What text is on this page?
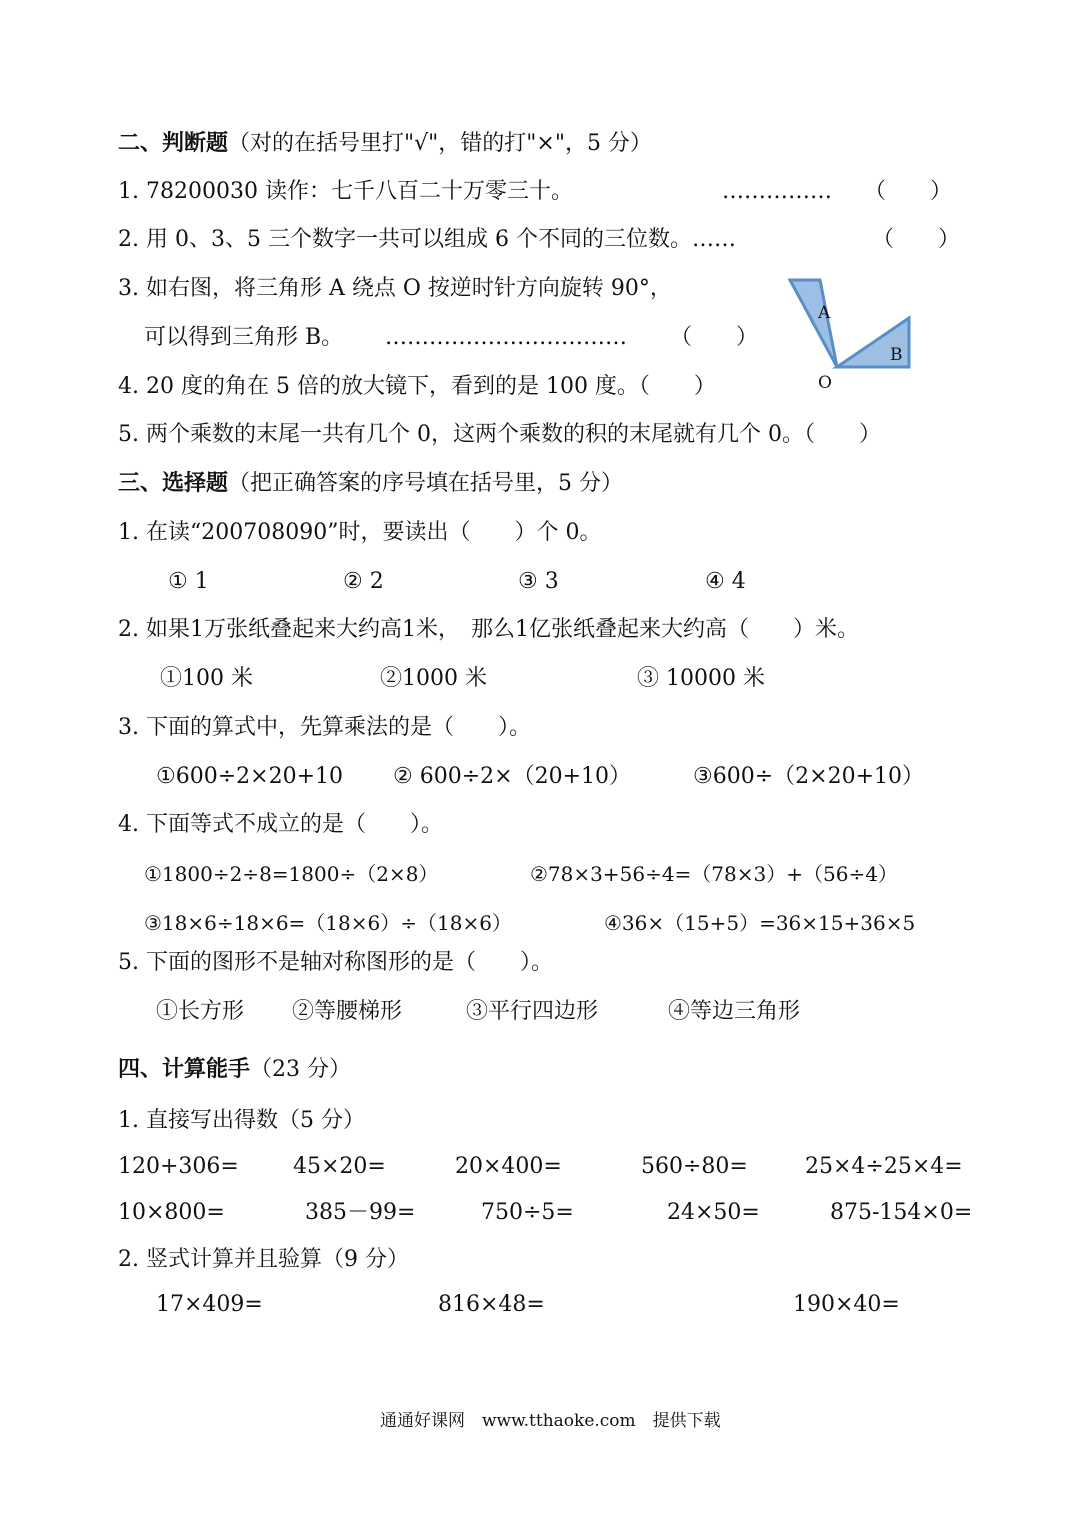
二、判断题（对的在括号里打"√"，错的打"×"，5 分）
1. 78200030 读作：七千八百二十万零三十。	…………… （　　）
2. 用 0、3、5 三个数字一共可以组成 6 个不同的三位数。……	（　　）
3. 如右图，将三角形 A 绕点 O 按逆时针方向旋转 90°，
可以得到三角形 B。 …………………………… （　　）
A
B
O
4. 20 度的角在 5 倍的放大镜下，看到的是 100 度。（　　）
5. 两个乘数的末尾一共有几个 0，这两个乘数的积的末尾就有几个 0。（　　）
三、选择题（把正确答案的序号填在括号里，5 分）
1. 在读“200708090”时，要读出（　　）个 0。
① 1	② 2	③ 3	④ 4
2. 如果1万张纸叠起来大约高1米，　那么1亿张纸叠起来大约高（　　）米。
①100 米	②1000 米	③ 10000 米
3. 下面的算式中，先算乘法的是（　　）。
①600÷2×20+10 ② 600÷2×（20+10）	③600÷（2×20+10）
4. 下面等式不成立的是（　　）。
①1800÷2÷8=1800÷（2×8）	②78×3+56÷4=（78×3）+（56÷4）
③18×6÷18×6=（18×6）÷（18×6）	④36×（15+5）=36×15+36×5
5. 下面的图形不是轴对称图形的是（　　）。
①长方形 ②等腰梯形	③平行四边形	④等边三角形
四、计算能手（23 分）
1. 直接写出得数（5 分）
120+306= 45×20=	20×400=	560÷80=	25×4÷25×4=
10×800=	385－99=	750÷5=	24×50=	875-154×0=
2. 竖式计算并且验算（9 分）
17×409=	816×48=	190×40=
通通好课网　www.tthaoke.com　提供下载
